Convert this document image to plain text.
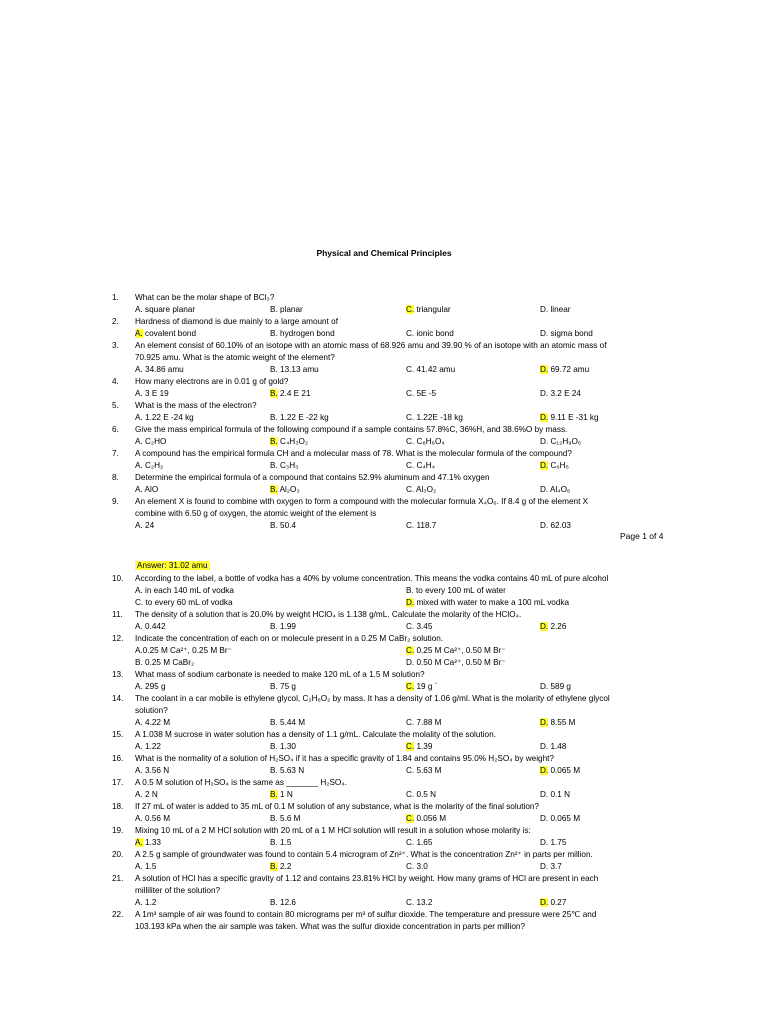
Physical and Chemical Principles
1. What can be the molar shape of BCl₃?
A. square planar	B. planar	C. triangular	D. linear
2. Hardness of diamond is due mainly to a large amount of
A. covalent bond	B. hydrogen bond	C. ionic bond	D. sigma bond
3. An element consist of 60.10% of an isotope with an atomic mass of 68.926 amu and 39.90 % of an isotope with an atomic mass of
70.925 amu. What is the atomic weight of the element?
A. 34.86 amu	B. 13.13 amu	C. 41.42 amu	D. 69.72 amu
4. How many electrons are in 0.01 g of gold?
A. 3 E 19	B. 2.4 E 21	C. 5E -5	D. 3.2 E 24
5. What is the mass of the electron?
A. 1.22 E -24 kg	B. 1.22 E -22 kg	C. 1.22E -18 kg	D. 9.11 E -31 kg
6. Give the mass empirical formula of the following compound if a sample contains 57.8%C, 36%H, and 38.6%O by mass.
A. C₂HO	B. C₄H₃O₂	C. C₈H₆O₄	D. C₁₂H₉O₆
7. A compound has the empirical formula CH and a molecular mass of 78. What is the molecular formula of the compound?
A. C₂H₂	B. C₃H₃	C. C₄H₄	D. C₆H₆
8. Determine the empirical formula of a compound that contains 52.9% aluminum and 47.1% oxygen
A. AlO	B. Al₂O₃	C. Al₃O₂	D. Al₄O₆
9. An element X is found to combine with oxygen to form a compound with the molecular formula X₄O₆. If 8.4 g of the element X
combine with 6.50 g of oxygen, the atomic weight of the element is
A. 24	B. 50.4	C. 118.7	D. 62.03
Page 1 of 4
Answer: 31.02 amu
10. According to the label, a bottle of vodka has a 40% by volume concentration. This means the vodka contains 40 mL of pure alcohol
A. in each 140 mL of vodka	B. to every 100 mL of water
C. to every 60 mL of vodka	D. mixed with water to make a 100 mL vodka
11. The density of a solution that is 20.0% by weight HClO₄ is 1.138 g/mL. Calculate the molarity of the HClO₄.
A. 0.442	B. 1.99	C. 3.45	D. 2.26
12. Indicate the concentration of each on or molecule present in a 0.25 M CaBr₂ solution.
A.0.25 M Ca²⁺, 0.25 M Br⁻	C. 0.25 M Ca²⁺, 0.50 M Br⁻
B. 0.25 M CaBr₂	D. 0.50 M Ca²⁺, 0.50 M Br⁻
13. What mass of sodium carbonate is needed to make 120 mL of a 1.5 M solution?
A. 295 g	B. 75 g	C. 19 g `	D. 589 g
14. The coolant in a car mobile is ethylene glycol, C₂H₆O₂ by mass. It has a density of 1.06 g/ml. What is the molarity of ethylene glycol
solution?
A. 4.22 M	B. 5.44 M	C. 7.88 M	D. 8.55 M
15. A 1.038 M sucrose in water solution has a density of 1.1 g/mL. Calculate the molality of the solution.
A. 1.22	B. 1.30	C. 1.39	D. 1.48
16. What is the normality of a solution of H₂SO₄ if it has a specific gravity of 1.84 and contains 95.0% H₂SO₄ by weight?
A. 3.56 N	B. 5.63 N	C. 5.63 M	D. 0.065 M
17. A 0.5 M solution of H₂SO₄ is the same as _______ H₂SO₄.
A. 2 N	B. 1 N	C. 0.5 N	D. 0.1 N
18. If 27 mL of water is added to 35 mL of 0.1 M solution of any substance, what is the molarity of the final solution?
A. 0.56 M	B. 5.6 M	C. 0.056 M	D. 0.065 M
19. Mixing 10 mL of a 2 M HCl solution with 20 mL of a 1 M HCl solution will result in a solution whose molarity is:
A. 1.33	B. 1.5	C. 1.65	D. 1.75
20. A 2.5 g sample of groundwater was found to contain 5.4 microgram of Zn²⁺. What is the concentration Zn²⁺ in parts per million.
A. 1.5	B. 2.2	C. 3.0	D. 3.7
21. A solution of HCl has a specific gravity of 1.12 and contains 23.81% HCl by weight. How many grams of HCl are present in each
milliliter of the solution?
A. 1.2	B. 12.6	C. 13.2	D. 0.27
22. A 1m³ sample of air was found to contain 80 micrograms per m³ of sulfur dioxide. The temperature and pressure were 25℃ and
103.193 kPa when the air sample was taken. What was the sulfur dioxide concentration in parts per million?
